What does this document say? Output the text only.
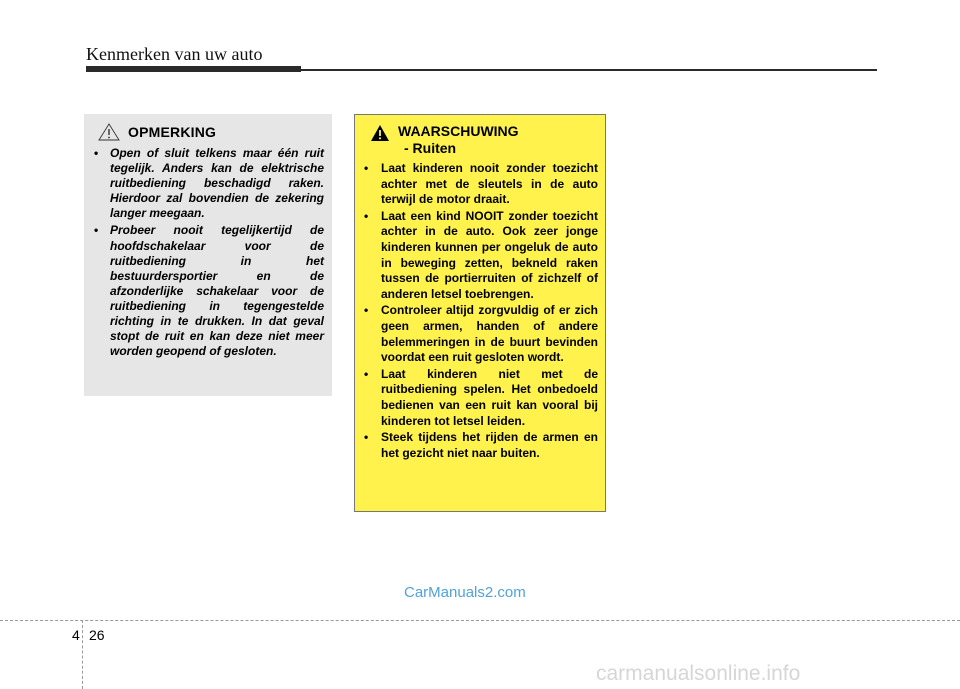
Kenmerken van uw auto
OPMERKING
• Open of sluit telkens maar één ruit tegelijk. Anders kan de elektrische ruitbediening beschadigd raken. Hierdoor zal bovendien de zekering langer meegaan.
• Probeer nooit tegelijkertijd de hoofdschakelaar voor de ruitbediening in het bestuurdersportier en de afzonderlijke schakelaar voor de ruitbediening in tegengestelde richting in te drukken. In dat geval stopt de ruit en kan deze niet meer worden geopend of gesloten.
WAARSCHUWING
- Ruiten
• Laat kinderen nooit zonder toezicht achter met de sleutels in de auto terwijl de motor draait.
• Laat een kind NOOIT zonder toezicht achter in de auto. Ook zeer jonge kinderen kunnen per ongeluk de auto in beweging zetten, bekneld raken tussen de portierruiten of zichzelf of anderen letsel toebrengen.
• Controleer altijd zorgvuldig of er zich geen armen, handen of andere belemmeringen in de buurt bevinden voordat een ruit gesloten wordt.
• Laat kinderen niet met de ruitbediening spelen. Het onbedoeld bedienen van een ruit kan vooral bij kinderen tot letsel leiden.
• Steek tijdens het rijden de armen en het gezicht niet naar buiten.
CarManuals2.com
4 26
carmanualsonline.info
